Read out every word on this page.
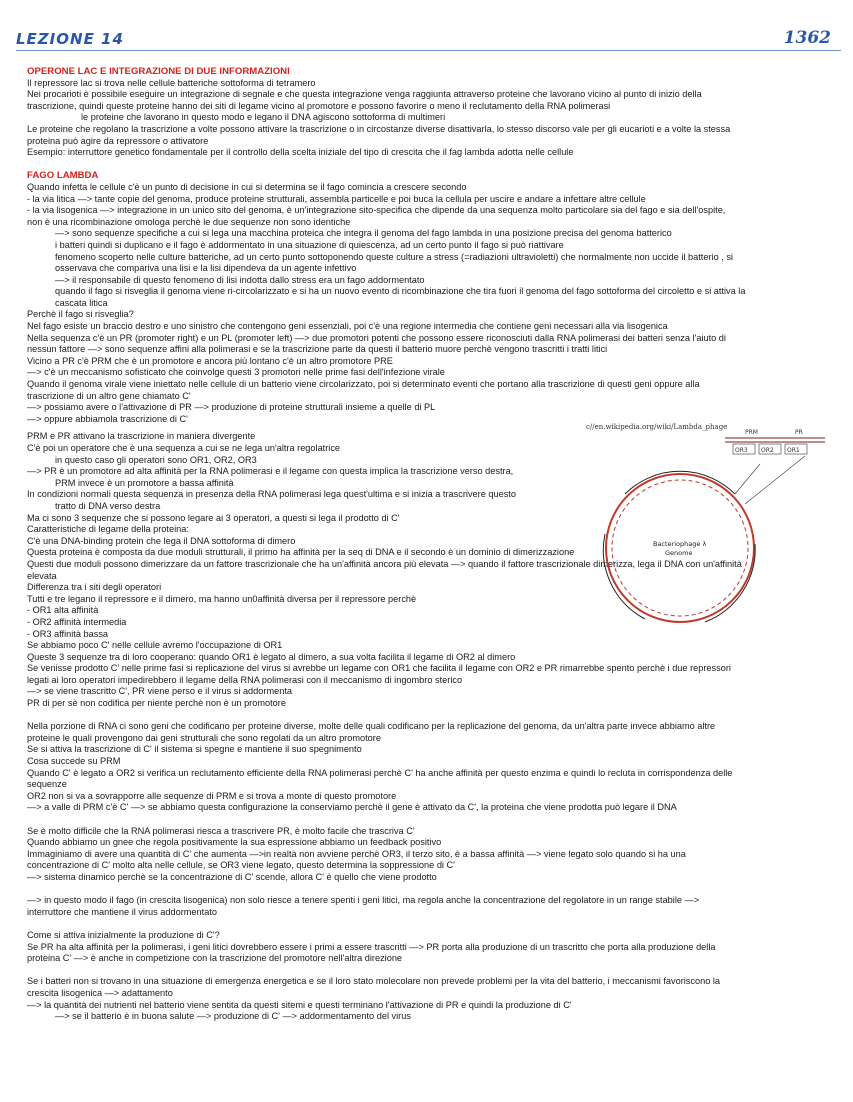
LEZIONE 14	1362
OPERONE LAC E INTEGRAZIONE DI DUE INFORMAZIONI
Il repressore lac si trova nelle cellule batteriche sottoforma di tetramero
Nei procarioti è possibile eseguire un integrazione di segnale e che questa integrazione venga raggiunta attraverso proteine che lavorano vicino al punto di inizio della
trascrizione, quindi queste proteine hanno dei siti di legame vicino al promotore e possono favorire o meno il reclutamento della RNA polimerasi
le proteine che lavorano in questo modo e legano il DNA agiscono sottoforma di multimeri
Le proteine che regolano la trascrizione a volte possono attivare la trascrizione o in circostanze diverse disattivarla, lo stesso discorso vale per gli eucarioti e a volte la stessa
proteina può agire da repressore o attivatore
Esempio: interruttore genetico fondamentale per il controllo della scelta iniziale del tipo di crescita che il fag lambda adotta nelle cellule
FAGO LAMBDA
Quando infetta le cellule c'è un punto di decisione in cui si determina se il fago comincia a crescere secondo
- la via litica —> tante copie del genoma, produce proteine strutturali, assembla particelle e poi buca la cellula per uscire e andare a infettare altre cellule
- la via lisogenica —> integrazione in un unico sito del genoma, è un'integrazione sito-specifica che dipende da una sequenza molto particolare sia del fago e sia dell'ospite,
non è una ricombinazione omologa perchè le due sequenze non sono identiche
—> sono sequenze specifiche a cui si lega una macchina proteica che integra il genoma del fago lambda in una posizione precisa del genoma batterico
i batteri quindi si duplicano e il fago è addormentato in una situazione di quiescenza, ad un certo punto il fago si può riattivare
fenomeno scoperto nelle culture batteriche, ad un certo punto sottoponendo queste culture a stress (=radiazioni ultravioletti) che normalmente non uccide il batterio , si
osservava che compariva una lisi e la lisi dipendeva da un agente infettivo
—> il responsabile di questo fenomeno di lisi indotta dallo stress era un fago addormentato
quando il fago si risveglia il genoma viene ri-circolarizzato e si ha un nuovo evento di ricombinazione che tira fuori il genoma del fago sottoforma del circoletto e si attiva la
cascata litica
Perchè il fago si risveglia?
Nel fago esiste un braccio destro e uno sinistro che contengono geni essenziali, poi c'è una regione intermedia che contiene geni necessari alla via lisogenica
Nella sequenza c'è un PR (promoter right) e un PL (promoter left) —> due promotori potenti che possono essere riconosciuti dalla RNA polimerasi dei batteri senza l'aiuto di
nessun fattore —> sono sequenze affini alla polimerasi e se la trascrizione parte da questi il batterio muore perchè vengono trascritti i tratti litici
Vicino a PR c'è PRM che è un promotore e ancora più lontano c'è un altro promotore PRE
—> c'è un meccanismo sofisticato che coinvolge questi 3 promotori nelle prime fasi dell'infezione virale
Quando il genoma virale viene iniettato nelle cellule di un batterio viene circolarizzato, poi si determinato eventi che portano alla trascrizione di questi geni oppure alla
trascrizione di un altro gene chiamato C'
—> possiamo avere o l'attivazione di PR —> produzione di proteine strutturali insieme a quelle di PL
—> oppure abbiamola trascrizione di C'
PRM e PR attivano la trascrizione in maniera divergente
C'è poi un operatore che è una sequenza a cui se ne lega un'altra regolatrice
in questo caso gli operatori sono OR1, OR2, OR3
—> PR è un promotore ad alta affinità per la RNA polimerasi e il legame con questa implica la trascrizione verso destra,
PRM invece è un promotore a bassa affinità
In condizioni normali questa sequenza in presenza della RNA polimerasi lega quest'ultima e si inizia a trascrivere questo
tratto di DNA verso destra
Ma ci sono 3 sequenze che si possono legare ai 3 operatori, a questi si lega il prodotto di C'
Caratteristiche di legame della proteina:
C'è una DNA-binding protein che lega il DNA sottoforma di dimero
Questa proteina è composta da due moduli strutturali, il primo ha affinità per la seq di DNA e il secondo è un dominio di dimerizzazione
Questi due moduli possono dimerizzare da un fattore trascrizionale che ha un'affinità ancora più elevata —> quando il fattore trascrizionale dimerizza, lega il DNA con un'affinità
elevata
Differenza tra i siti degli operatori
Tutti e tre legano il repressore e il dimero, ma hanno un0affinità diversa per il repressore perchè
- OR1 alta affinità
- OR2 affinità intermedia
- OR3 affinità bassa
Se abbiamo poco C' nelle cellule avremo l'occupazione di OR1
Queste 3 sequenze tra di loro cooperano: quando OR1 è legato al dimero, a sua volta facilita il legame di OR2 al dimero
Se venisse prodotto C' nelle prime fasi si replicazione del virus si avrebbe un legame con OR1 che facilita il legame con OR2 e PR rimarrebbe spento perchè i due repressori
legati ai loro operatori impedirebbero il legame della RNA polimerasi con il meccanismo di ingombro sterico
—> se viene trascritto C', PR viene perso e il virus si addormenta
PR di per sè non codifica per niente perchè non è un promotore
Nella porzione di RNA ci sono geni che codificano per proteine diverse, molte delle quali codificano per la replicazione del genoma, da un'altra parte invece abbiamo altre
proteine le quali provengono dai geni strutturali che sono regolati da un altro promotore
Se si attiva la trascrizione di C' il sistema si spegne e mantiene il suo spegnimento
Cosa succede su PRM
Quando C' è legato a OR2 si verifica un reclutamento efficiente della RNA polimerasi perchè C' ha anche affinità per questo enzima e quindi lo recluta in corrispondenza delle
sequenze
OR2 non si va a sovrapporre alle sequenze di PRM e si trova a monte di questo promotore
—> a valle di PRM c'è C' —> se abbiamo questa configurazione la conserviamo perchè il gene è attivato da C', la proteina che viene prodotta può legare il DNA
Se è molto difficile che la RNA polimerasi riesca a trascrivere PR, è molto facile che trascriva C'
Quando abbiamo un gnee che regola positivamente la sua espressione abbiamo un feedback positivo
Immaginiamo di avere una quantità di C' che aumenta —>in realtà non avviene perchè OR3, il terzo sito, è a bassa affinità —> viene legato solo quando si ha una
concentrazione di C' molto alta nelle cellule, se OR3 viene legato, questo determina la soppressione di C'
—> sistema dinamico perchè se la concentrazione di C' scende, allora C' è quello che viene prodotto
—> in questo modo il fago (in crescita lisogenica) non solo riesce a tenere spenti i geni litici, ma regola anche la concentrazione del regolatore in un range stabile —>
interruttore che mantiene il virus addormentato
Come si attiva inizialmente la produzione di C'?
Se PR ha alta affinità per la polimerasi, i geni litici dovrebbero essere i primi a essere trascritti —> PR porta alla produzione di un trascritto che porta alla produzione della
proteina C' —> è anche in competizione con la trascrizione del promotore nell'altra direzione
Se i batteri non si trovano in una situazione di emergenza energetica e se il loro stato molecolare non prevede problemi per la vita del batterio, i meccanismi favoriscono la
crescita lisogenica —> adattamento
—> la quantità dei nutrienti nel batterio viene sentita da questi sitemi e questi terminano l'attivazione di PR e quindi la produzione di C'
—> se il batterio è in buona salute —> produzione di C' —> addormentamento del virus
c//en.wikipedia.org/wiki/Lambda_phage
OR3 OR2 OR1
PRM	PR
Bacteriophage λ
Genome
